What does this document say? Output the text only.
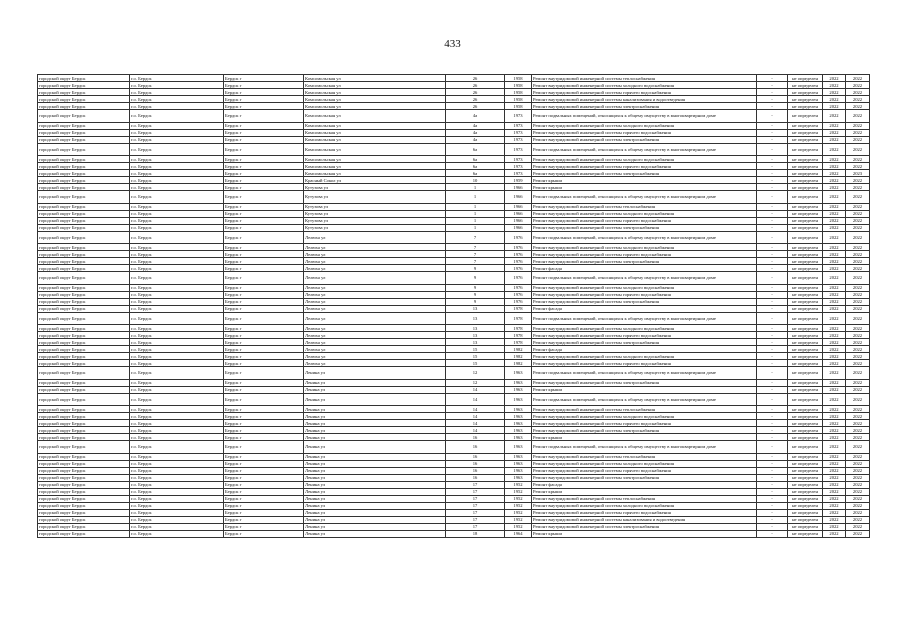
433
городской округ Бердск	г.о. Бердск	Бердск г	Комсомольская ул	26	1958	Ремонт внутридомовой инженерной системы теплоснабжения	-	не определен	2022	2022
городской округ Бердск	г.о. Бердск	Бердск г	Комсомольская ул	26	1958	Ремонт внутридомовой инженерной системы холодного водоснабжения	-	не определен	2022	2022
городской округ Бердск	г.о. Бердск	Бердск г	Комсомольская ул	26	1958	Ремонт внутридомовой инженерной системы горячего водоснабжения	-	не определен	2022	2022
городской округ Бердск	г.о. Бердск	Бердск г	Комсомольская ул	26	1958	Ремонт внутридомовой инженерной системы канализования и водоотведения	-	не определен	2022	2022
городской округ Бердск	г.о. Бердск	Бердск г	Комсомольская ул	26	1958	Ремонт внутридомовой инженерной системы электроснабжения	-	не определен	2022	2022
городской округ Бердск	г.о. Бердск	Бердск г	Комсомольская ул	4а	1973	Ремонт подвальных помещений, относящихся к общему имуществу в многоквартирном доме	-	не определен	2022	2022
городской округ Бердск	г.о. Бердск	Бердск г	Комсомольская ул	4а	1973	Ремонт внутридомовой инженерной системы холодного водоснабжения	-	не определен	2022	2022
городской округ Бердск	г.о. Бердск	Бердск г	Комсомольская ул	4а	1973	Ремонт внутридомовой инженерной системы горячего водоснабжения	-	не определен	2022	2022
городской округ Бердск	г.о. Бердск	Бердск г	Комсомольская ул	4а	1973	Ремонт внутридомовой инженерной системы электроснабжения	-	не определен	2022	2022
городской округ Бердск	г.о. Бердск	Бердск г	Комсомольская ул	6а	1973	Ремонт подвальных помещений, относящихся к общему имуществу в многоквартирном доме	-	не определен	2022	2022
городской округ Бердск	г.о. Бердск	Бердск г	Комсомольская ул	6а	1973	Ремонт внутридомовой инженерной системы холодного водоснабжения	-	не определен	2022	2022
городской округ Бердск	г.о. Бердск	Бердск г	Комсомольская ул	6а	1973	Ремонт внутридомовой инженерной системы горячего водоснабжения	-	не определен	2022	2022
городской округ Бердск	г.о. Бердск	Бердск г	Комсомольская ул	6а	1973	Ремонт внутридомовой инженерной системы электроснабжения	-	не определен	2022	2023
городской округ Бердск	г.о. Бердск	Бердск г	Красный Сокол ул	10	1959	Ремонт крыши	-	не определен	2022	2022
городской округ Бердск	г.о. Бердск	Бердск г	Кутузова ул	1	1966	Ремонт крыши	-	не определен	2022	2022
городской округ Бердск	г.о. Бердск	Бердск г	Кутузова ул	1	1966	Ремонт подвальных помещений, относящихся к общему имуществу в многоквартирном доме	-	не определен	2022	2022
городской округ Бердск	г.о. Бердск	Бердск г	Кутузова ул	1	1966	Ремонт внутридомовой инженерной системы теплоснабжения	-	не определен	2022	2022
городской округ Бердск	г.о. Бердск	Бердск г	Кутузова ул	1	1966	Ремонт внутридомовой инженерной системы холодного водоснабжения	-	не определен	2022	2022
городской округ Бердск	г.о. Бердск	Бердск г	Кутузова ул	1	1966	Ремонт внутридомовой инженерной системы горячего водоснабжения	-	не определен	2022	2022
городской округ Бердск	г.о. Бердск	Бердск г	Кутузова ул	1	1966	Ремонт внутридомовой инженерной системы электроснабжения	-	не определен	2022	2022
городской округ Бердск	г.о. Бердск	Бердск г	Лелюха ул	7	1976	Ремонт подвальных помещений, относящихся к общему имуществу в многоквартирном доме	-	не определен	2022	2022
городской округ Бердск	г.о. Бердск	Бердск г	Лелюха ул	7	1976	Ремонт внутридомовой инженерной системы холодного водоснабжения	-	не определен	2022	2022
городской округ Бердск	г.о. Бердск	Бердск г	Лелюха ул	7	1976	Ремонт внутридомовой инженерной системы горячего водоснабжения	-	не определен	2022	2022
городской округ Бердск	г.о. Бердск	Бердск г	Лелюха ул	7	1976	Ремонт внутридомовой инженерной системы электроснабжения	-	не определен	2022	2022
городской округ Бердск	г.о. Бердск	Бердск г	Лелюха ул	9	1976	Ремонт фасада	-	не определен	2022	2022
городской округ Бердск	г.о. Бердск	Бердск г	Лелюха ул	9	1976	Ремонт подвальных помещений, относящихся к общему имуществу в многоквартирном доме	-	не определен	2022	2022
городской округ Бердск	г.о. Бердск	Бердск г	Лелюха ул	9	1976	Ремонт внутридомовой инженерной системы холодного водоснабжения	-	не определен	2022	2022
городской округ Бердск	г.о. Бердск	Бердск г	Лелюха ул	9	1976	Ремонт внутридомовой инженерной системы горячего водоснабжения	-	не определен	2022	2022
городской округ Бердск	г.о. Бердск	Бердск г	Лелюха ул	9	1976	Ремонт внутридомовой инженерной системы электроснабжения	-	не определен	2022	2022
городской округ Бердск	г.о. Бердск	Бердск г	Лелюха ул	13	1978	Ремонт фасада	-	не определен	2022	2022
городской округ Бердск	г.о. Бердск	Бердск г	Лелюха ул	13	1978	Ремонт подвальных помещений, относящихся к общему имуществу в многоквартирном доме	-	не определен	2022	2022
городской округ Бердск	г.о. Бердск	Бердск г	Лелюха ул	13	1978	Ремонт внутридомовой инженерной системы холодного водоснабжения	-	не определен	2022	2022
городской округ Бердск	г.о. Бердск	Бердск г	Лелюха ул	13	1978	Ремонт внутридомовой инженерной системы горячего водоснабжения	-	не определен	2022	2022
городской округ Бердск	г.о. Бердск	Бердск г	Лелюха ул	13	1978	Ремонт внутридомовой инженерной системы электроснабжения	-	не определен	2022	2022
городской округ Бердск	г.о. Бердск	Бердск г	Лелюха ул	15	1982	Ремонт фасада	-	не определен	2022	2022
городской округ Бердск	г.о. Бердск	Бердск г	Лелюха ул	15	1982	Ремонт внутридомовой инженерной системы холодного водоснабжения	-	не определен	2022	2022
городской округ Бердск	г.о. Бердск	Бердск г	Лелюха ул	15	1982	Ремонт внутридомовой инженерной системы горячего водоснабжения	-	не определен	2022	2022
городской округ Бердск	г.о. Бердск	Бердск г	Ленина ул	12	1963	Ремонт подвальных помещений, относящихся к общему имуществу в многоквартирном доме	-	не определен	2022	2022
городской округ Бердск	г.о. Бердск	Бердск г	Ленина ул	12	1963	Ремонт внутридомовой инженерной системы электроснабжения	-	не определен	2022	2022
городской округ Бердск	г.о. Бердск	Бердск г	Ленина ул	14	1963	Ремонт крыши	-	не определен	2022	2022
городской округ Бердск	г.о. Бердск	Бердск г	Ленина ул	14	1963	Ремонт подвальных помещений, относящихся к общему имуществу в многоквартирном доме	-	не определен	2022	2022
городской округ Бердск	г.о. Бердск	Бердск г	Ленина ул	14	1963	Ремонт внутридомовой инженерной системы теплоснабжения	-	не определен	2022	2022
городской округ Бердск	г.о. Бердск	Бердск г	Ленина ул	14	1963	Ремонт внутридомовой инженерной системы холодного водоснабжения	-	не определен	2022	2022
городской округ Бердск	г.о. Бердск	Бердск г	Ленина ул	14	1963	Ремонт внутридомовой инженерной системы горячего водоснабжения	-	не определен	2022	2022
городской округ Бердск	г.о. Бердск	Бердск г	Ленина ул	14	1963	Ремонт внутридомовой инженерной системы электроснабжения	-	не определен	2022	2022
городской округ Бердск	г.о. Бердск	Бердск г	Ленина ул	16	1963	Ремонт крыши	-	не определен	2022	2022
городской округ Бердск	г.о. Бердск	Бердск г	Ленина ул	16	1963	Ремонт подвальных помещений, относящихся к общему имуществу в многоквартирном доме	-	не определен	2022	2022
городской округ Бердск	г.о. Бердск	Бердск г	Ленина ул	16	1963	Ремонт внутридомовой инженерной системы теплоснабжения	-	не определен	2022	2022
городской округ Бердск	г.о. Бердск	Бердск г	Ленина ул	16	1963	Ремонт внутридомовой инженерной системы холодного водоснабжения	-	не определен	2022	2022
городской округ Бердск	г.о. Бердск	Бердск г	Ленина ул	16	1963	Ремонт внутридомовой инженерной системы горячего водоснабжения	-	не определен	2022	2022
городской округ Бердск	г.о. Бердск	Бердск г	Ленина ул	16	1963	Ремонт внутридомовой инженерной системы электроснабжения	-	не определен	2022	2022
городской округ Бердск	г.о. Бердск	Бердск г	Ленина ул	17	1952	Ремонт фасада	-	не определен	2022	2022
городской округ Бердск	г.о. Бердск	Бердск г	Ленина ул	17	1952	Ремонт крыши	-	не определен	2022	2022
городской округ Бердск	г.о. Бердск	Бердск г	Ленина ул	17	1952	Ремонт внутридомовой инженерной системы теплоснабжения	-	не определен	2022	2022
городской округ Бердск	г.о. Бердск	Бердск г	Ленина ул	17	1952	Ремонт внутридомовой инженерной системы холодного водоснабжения	-	не определен	2022	2022
городской округ Бердск	г.о. Бердск	Бердск г	Ленина ул	17	1952	Ремонт внутридомовой инженерной системы горячего водоснабжения	-	не определен	2022	2022
городской округ Бердск	г.о. Бердск	Бердск г	Ленина ул	17	1952	Ремонт внутридомовой инженерной системы канализования и водоотведения	-	не определен	2022	2022
городской округ Бердск	г.о. Бердск	Бердск г	Ленина ул	17	1952	Ремонт внутридомовой инженерной системы электроснабжения	-	не определен	2022	2022
городской округ Бердск	г.о. Бердск	Бердск г	Ленина ул	18	1964	Ремонт крыши	-	не определен	2022	2022
